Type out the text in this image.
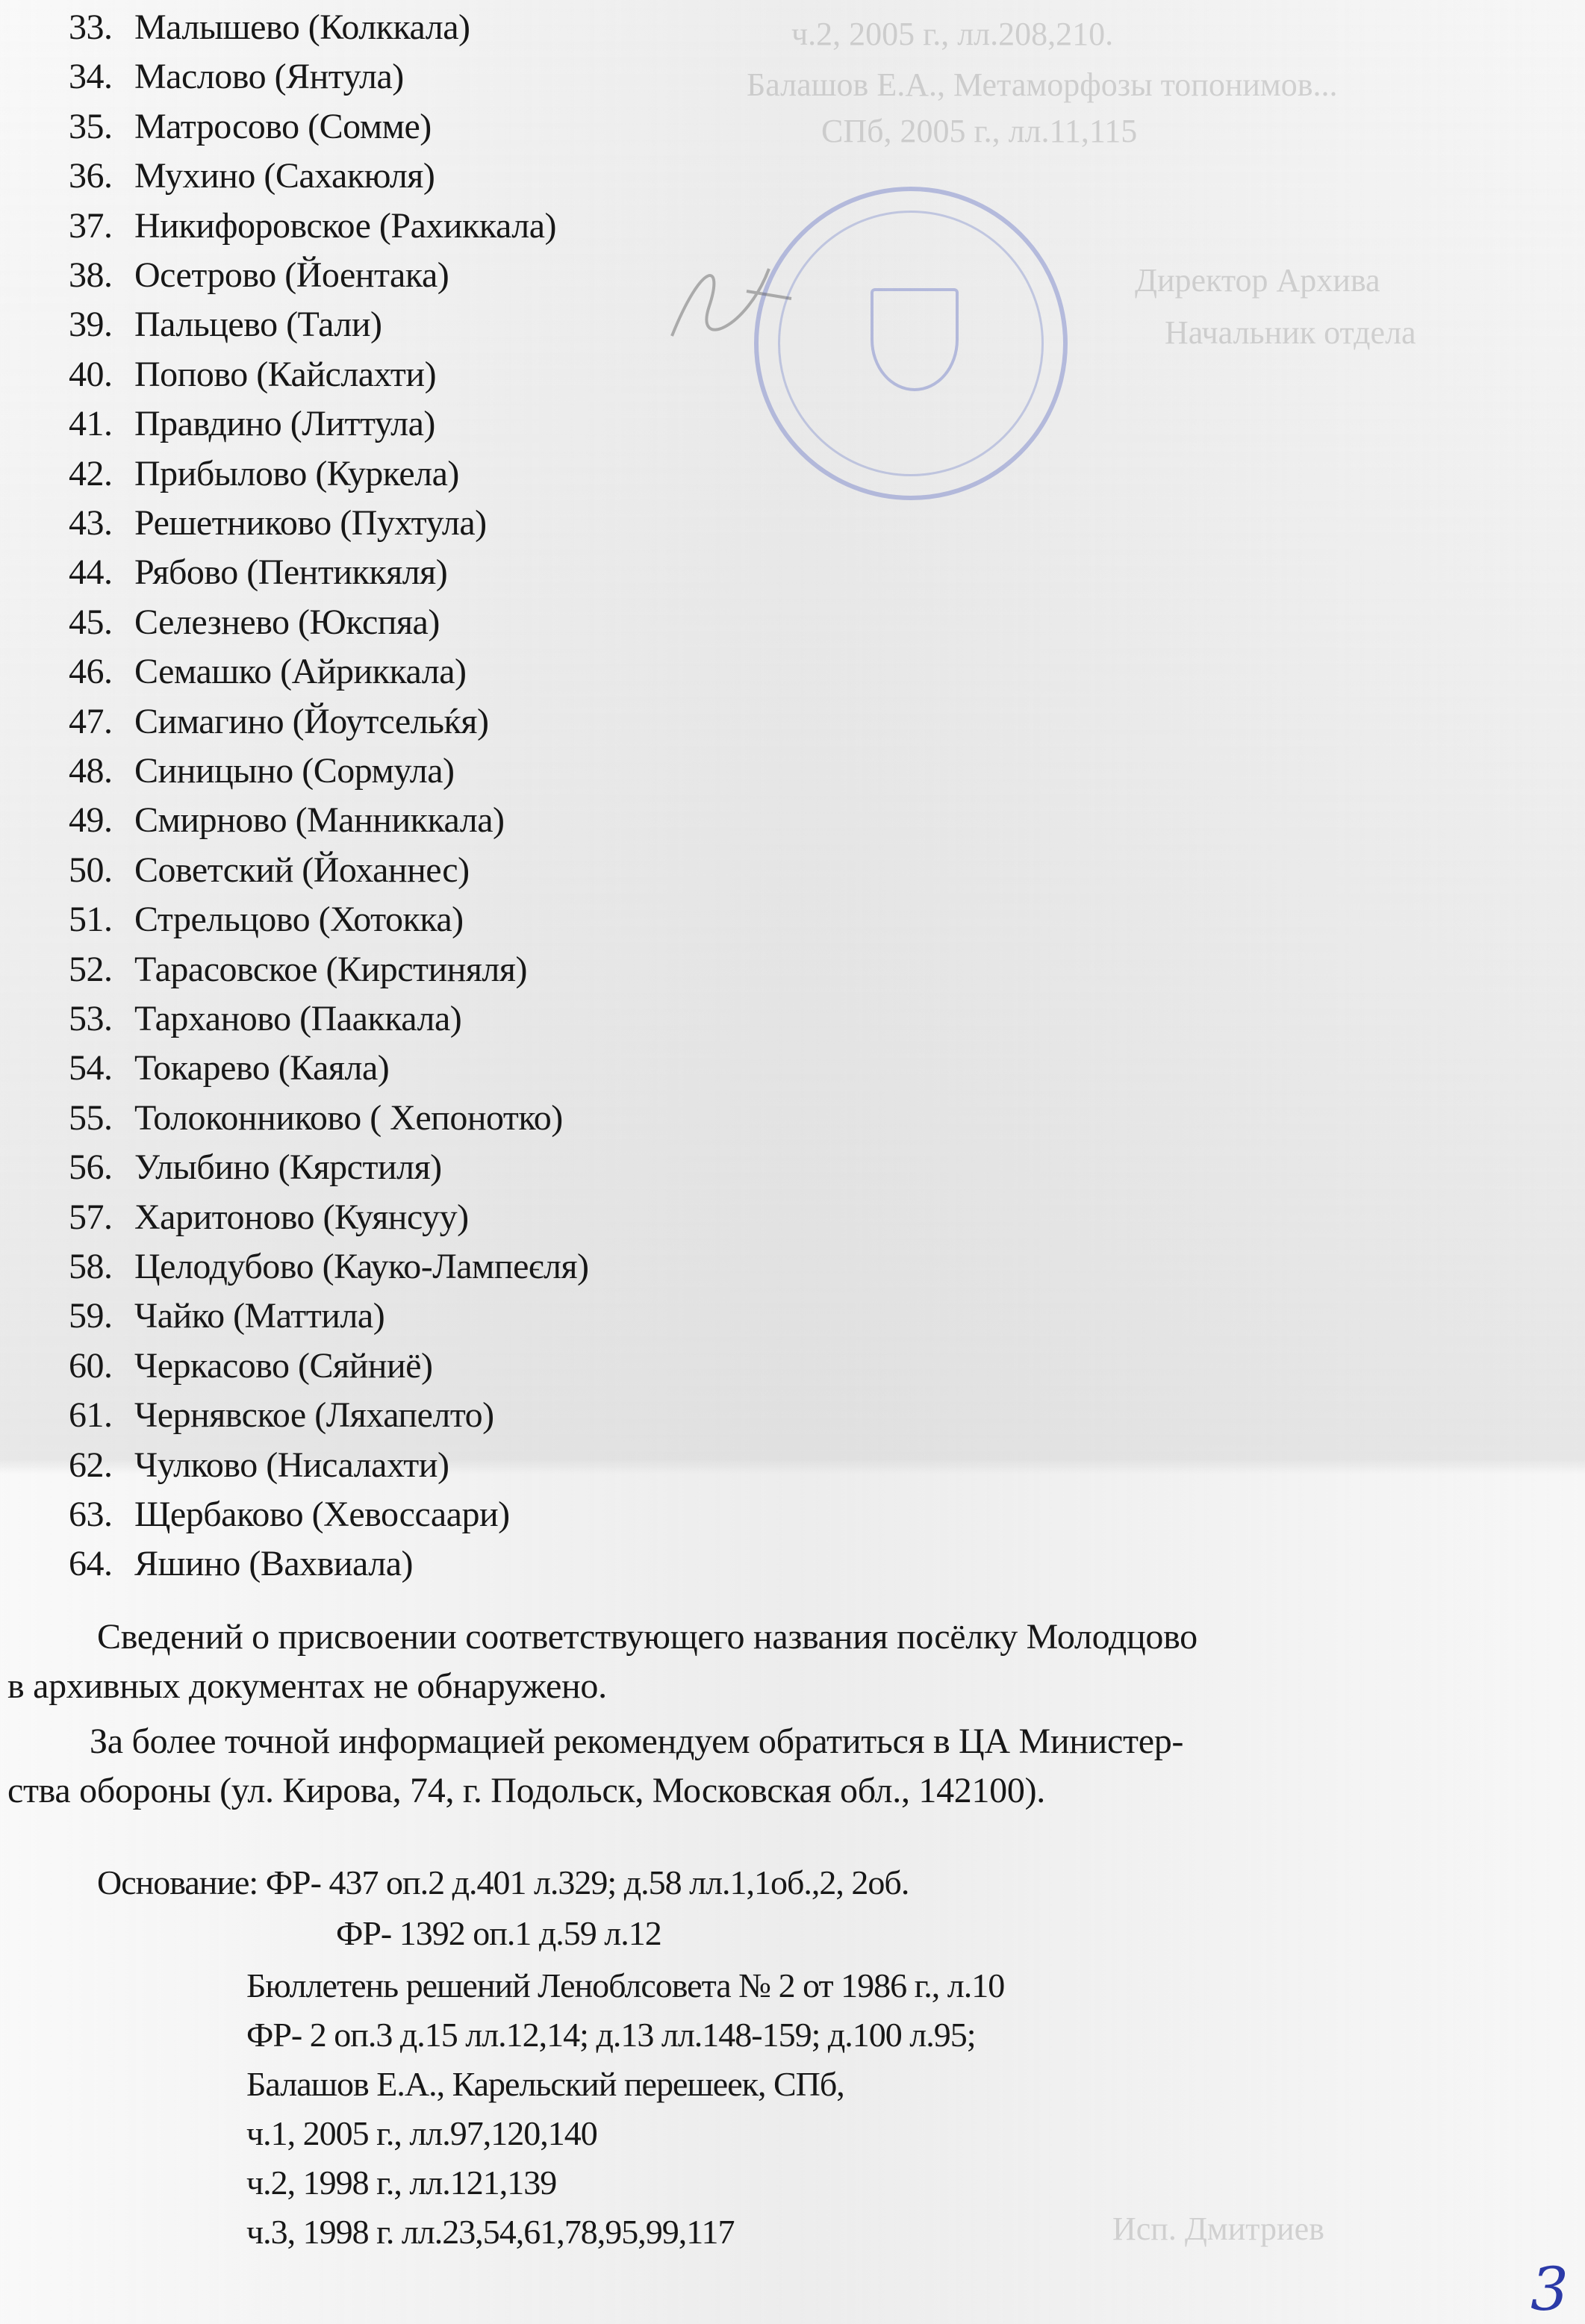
ч.2, 2005 г., лл.208,210.
Балашов Е.А., Метаморфозы топонимов...
СПб, 2005 г., лл.11,115
Директор Архива
Начальник отдела
Исп. Дмитриев
33. Малышево (Колккала)
34. Маслово (Янтула)
35. Матросово (Сомме)
36. Мухино (Сахакюля)
37. Никифоровское (Рахиккала)
38. Осетрово (Йоентака)
39. Пальцево (Тали)
40. Попово (Кайслахти)
41. Правдино (Литтула)
42. Прибылово (Куркела)
43. Решетниково (Пухтула)
44. Рябово (Пентиккяля)
45. Селезнево (Юкспяа)
46. Семашко (Айриккала)
47. Симагино (Йоутсельќя)
48. Синицыно (Сормула)
49. Смирново (Манниккала)
50. Советский (Йоханнес)
51. Стрельцово (Хотокка)
52. Тарасовское (Кирстиняля)
53. Тарханово (Пааккала)
54. Токарево (Каяла)
55. Толоконниково ( Хепонотко)
56. Улыбино (Кярстиля)
57. Харитоново (Куянсуу)
58. Целодубово (Кауко-Лампеєля)
59. Чайко (Маттила)
60. Черкасово (Сяйниё)
61. Чернявское (Ляхапелто)
62. Чулково (Нисалахти)
63. Щербаково (Хевоссаари)
64. Яшино (Вахвиала)
Сведений о присвоении соответствующего названия посёлку Молодцово
в архивных документах не обнаружено.
За более точной информацией рекомендуем обратиться в ЦА Министер-
ства обороны (ул. Кирова, 74, г. Подольск, Московская обл., 142100).
Основание: ФР- 437 оп.2 д.401 л.329; д.58 лл.1,1об.,2, 2об.
ФР- 1392 оп.1 д.59 л.12
Бюллетень решений Леноблсовета № 2 от 1986 г., л.10
ФР- 2 оп.3 д.15 лл.12,14; д.13 лл.148-159; д.100 л.95;
Балашов Е.А., Карельский перешеек, СПб,
ч.1, 2005 г., лл.97,120,140
ч.2, 1998 г., лл.121,139
ч.3, 1998 г. лл.23,54,61,78,95,99,117
3
